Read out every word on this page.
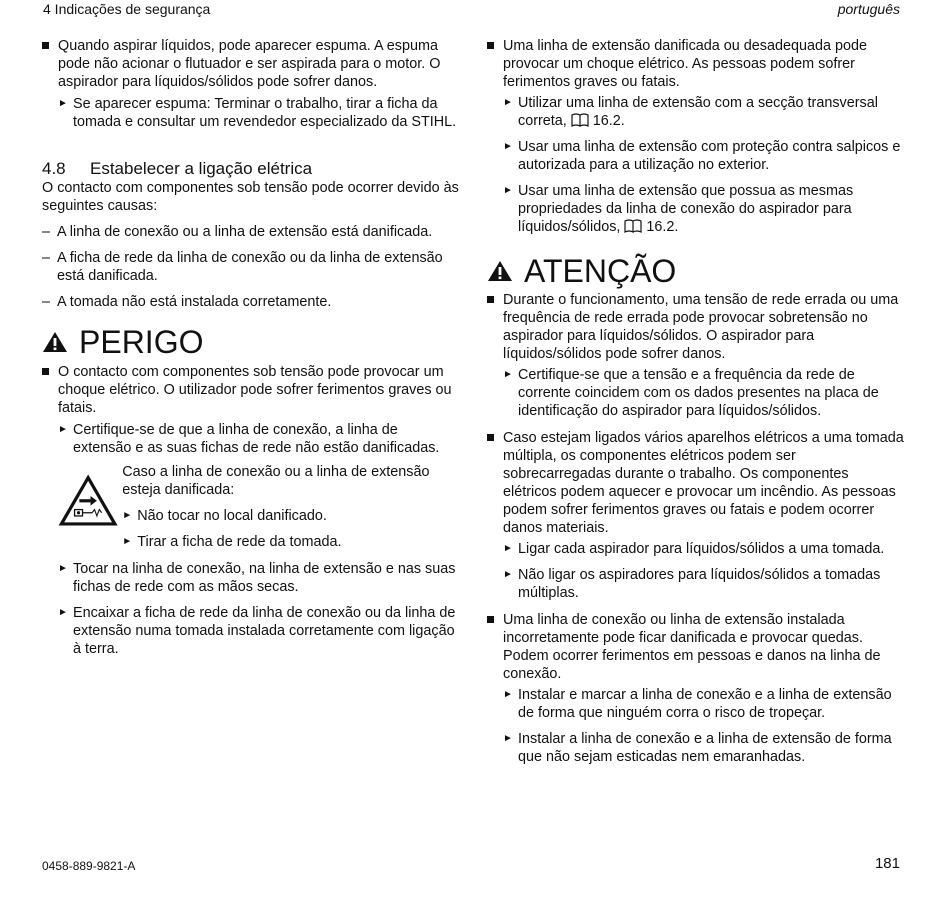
4 Indicações de segurança	português
Quando aspirar líquidos, pode aparecer espuma. A espuma pode não acionar o flutuador e ser aspirada para o motor. O aspirador para líquidos/sólidos pode sofrer danos.
► Se aparecer espuma: Terminar o trabalho, tirar a ficha da tomada e consultar um revendedor especializado da STIHL.
4.8 Estabelecer a ligação elétrica
O contacto com componentes sob tensão pode ocorrer devido às seguintes causas:
– A linha de conexão ou a linha de extensão está danificada.
– A ficha de rede da linha de conexão ou da linha de extensão está danificada.
– A tomada não está instalada corretamente.
PERIGO
O contacto com componentes sob tensão pode provocar um choque elétrico. O utilizador pode sofrer ferimentos graves ou fatais.
► Certifique-se de que a linha de conexão, a linha de extensão e as suas fichas de rede não estão danificadas.
Caso a linha de conexão ou a linha de extensão esteja danificada:
► Não tocar no local danificado.
► Tirar a ficha de rede da tomada.
► Tocar na linha de conexão, na linha de extensão e nas suas fichas de rede com as mãos secas.
► Encaixar a ficha de rede da linha de conexão ou da linha de extensão numa tomada instalada corretamente com ligação à terra.
Uma linha de extensão danificada ou desadequada pode provocar um choque elétrico. As pessoas podem sofrer ferimentos graves ou fatais.
► Utilizar uma linha de extensão com a secção transversal correta, 16.2.
► Usar uma linha de extensão com proteção contra salpicos e autorizada para a utilização no exterior.
► Usar uma linha de extensão que possua as mesmas propriedades da linha de conexão do aspirador para líquidos/sólidos, 16.2.
ATENÇÃO
Durante o funcionamento, uma tensão de rede errada ou uma frequência de rede errada pode provocar sobretensão no aspirador para líquidos/sólidos. O aspirador para líquidos/sólidos pode sofrer danos.
► Certifique-se que a tensão e a frequência da rede de corrente coincidem com os dados presentes na placa de identificação do aspirador para líquidos/sólidos.
Caso estejam ligados vários aparelhos elétricos a uma tomada múltipla, os componentes elétricos podem ser sobrecarregadas durante o trabalho. Os componentes elétricos podem aquecer e provocar um incêndio. As pessoas podem sofrer ferimentos graves ou fatais e podem ocorrer danos materiais.
► Ligar cada aspirador para líquidos/sólidos a uma tomada.
► Não ligar os aspiradores para líquidos/sólidos a tomadas múltiplas.
Uma linha de conexão ou linha de extensão instalada incorretamente pode ficar danificada e provocar quedas. Podem ocorrer ferimentos em pessoas e danos na linha de conexão.
► Instalar e marcar a linha de conexão e a linha de extensão de forma que ninguém corra o risco de tropeçar.
► Instalar a linha de conexão e a linha de extensão de forma que não sejam esticadas nem emaranhadas.
0458-889-9821-A	181
